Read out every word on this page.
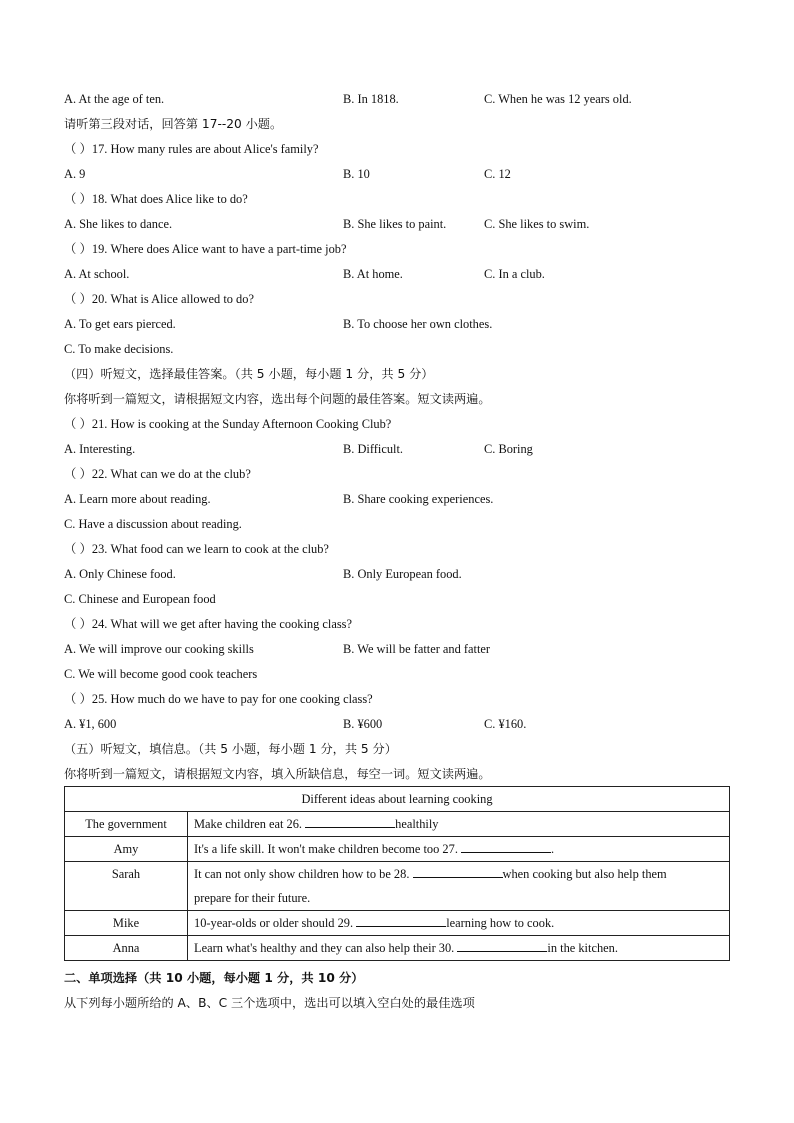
A. At the age of ten.	B. In 1818.	C. When he was 12 years old.
请听第三段对话，回答第 17--20 小题。
（ ）17. How many rules are about Alice's family?
A. 9	B. 10	C. 12
（ ）18. What does Alice like to do?
A. She likes to dance.	B. She likes to paint.	C. She likes to swim.
（ ）19. Where does Alice want to have a part-time job?
A. At school.	B. At home.	C. In a club.
（ ）20. What is Alice allowed to do?
A. To get ears pierced.	B. To choose her own clothes.
C. To make decisions.
（四）听短文，选择最佳答案。（共 5 小题，每小题 1 分，共 5 分）
你将听到一篇短文，请根据短文内容，选出每个问题的最佳答案。短文读两遍。
（ ）21. How is cooking at the Sunday Afternoon Cooking Club?
A. Interesting.	B. Difficult.	C. Boring
（ ）22. What can we do at the club?
A. Learn more about reading.	B. Share cooking experiences.
C. Have a discussion about reading.
（ ）23. What food can we learn to cook at the club?
A. Only Chinese food.	B. Only European food.
C. Chinese and European food
（ ）24. What will we get after having the cooking class?
A. We will improve our cooking skills	B. We will be fatter and fatter
C. We will become good cook teachers
（ ）25. How much do we have to pay for one cooking class?
A. ¥1, 600	B. ¥600	C. ¥160.
（五）听短文，填信息。（共 5 小题，每小题 1 分，共 5 分）
你将听到一篇短文，请根据短文内容，填入所缺信息，每空一词。短文读两遍。
Different ideas about learning cooking	
The government	Make children eat 26. healthily
Amy	It's a life skill. It won't make children become too 27. .
Sarah	It can not only show children how to be 28. when cooking but also help them
prepare for their future.
Mike	10-year-olds or older should 29. learning how to cook.
Anna	Learn what's healthy and they can also help their 30. in the kitchen.
二、单项选择（共 10 小题，每小题 1 分，共 10 分）
从下列每小题所给的 A、B、C 三个选项中，选出可以填入空白处的最佳选项
